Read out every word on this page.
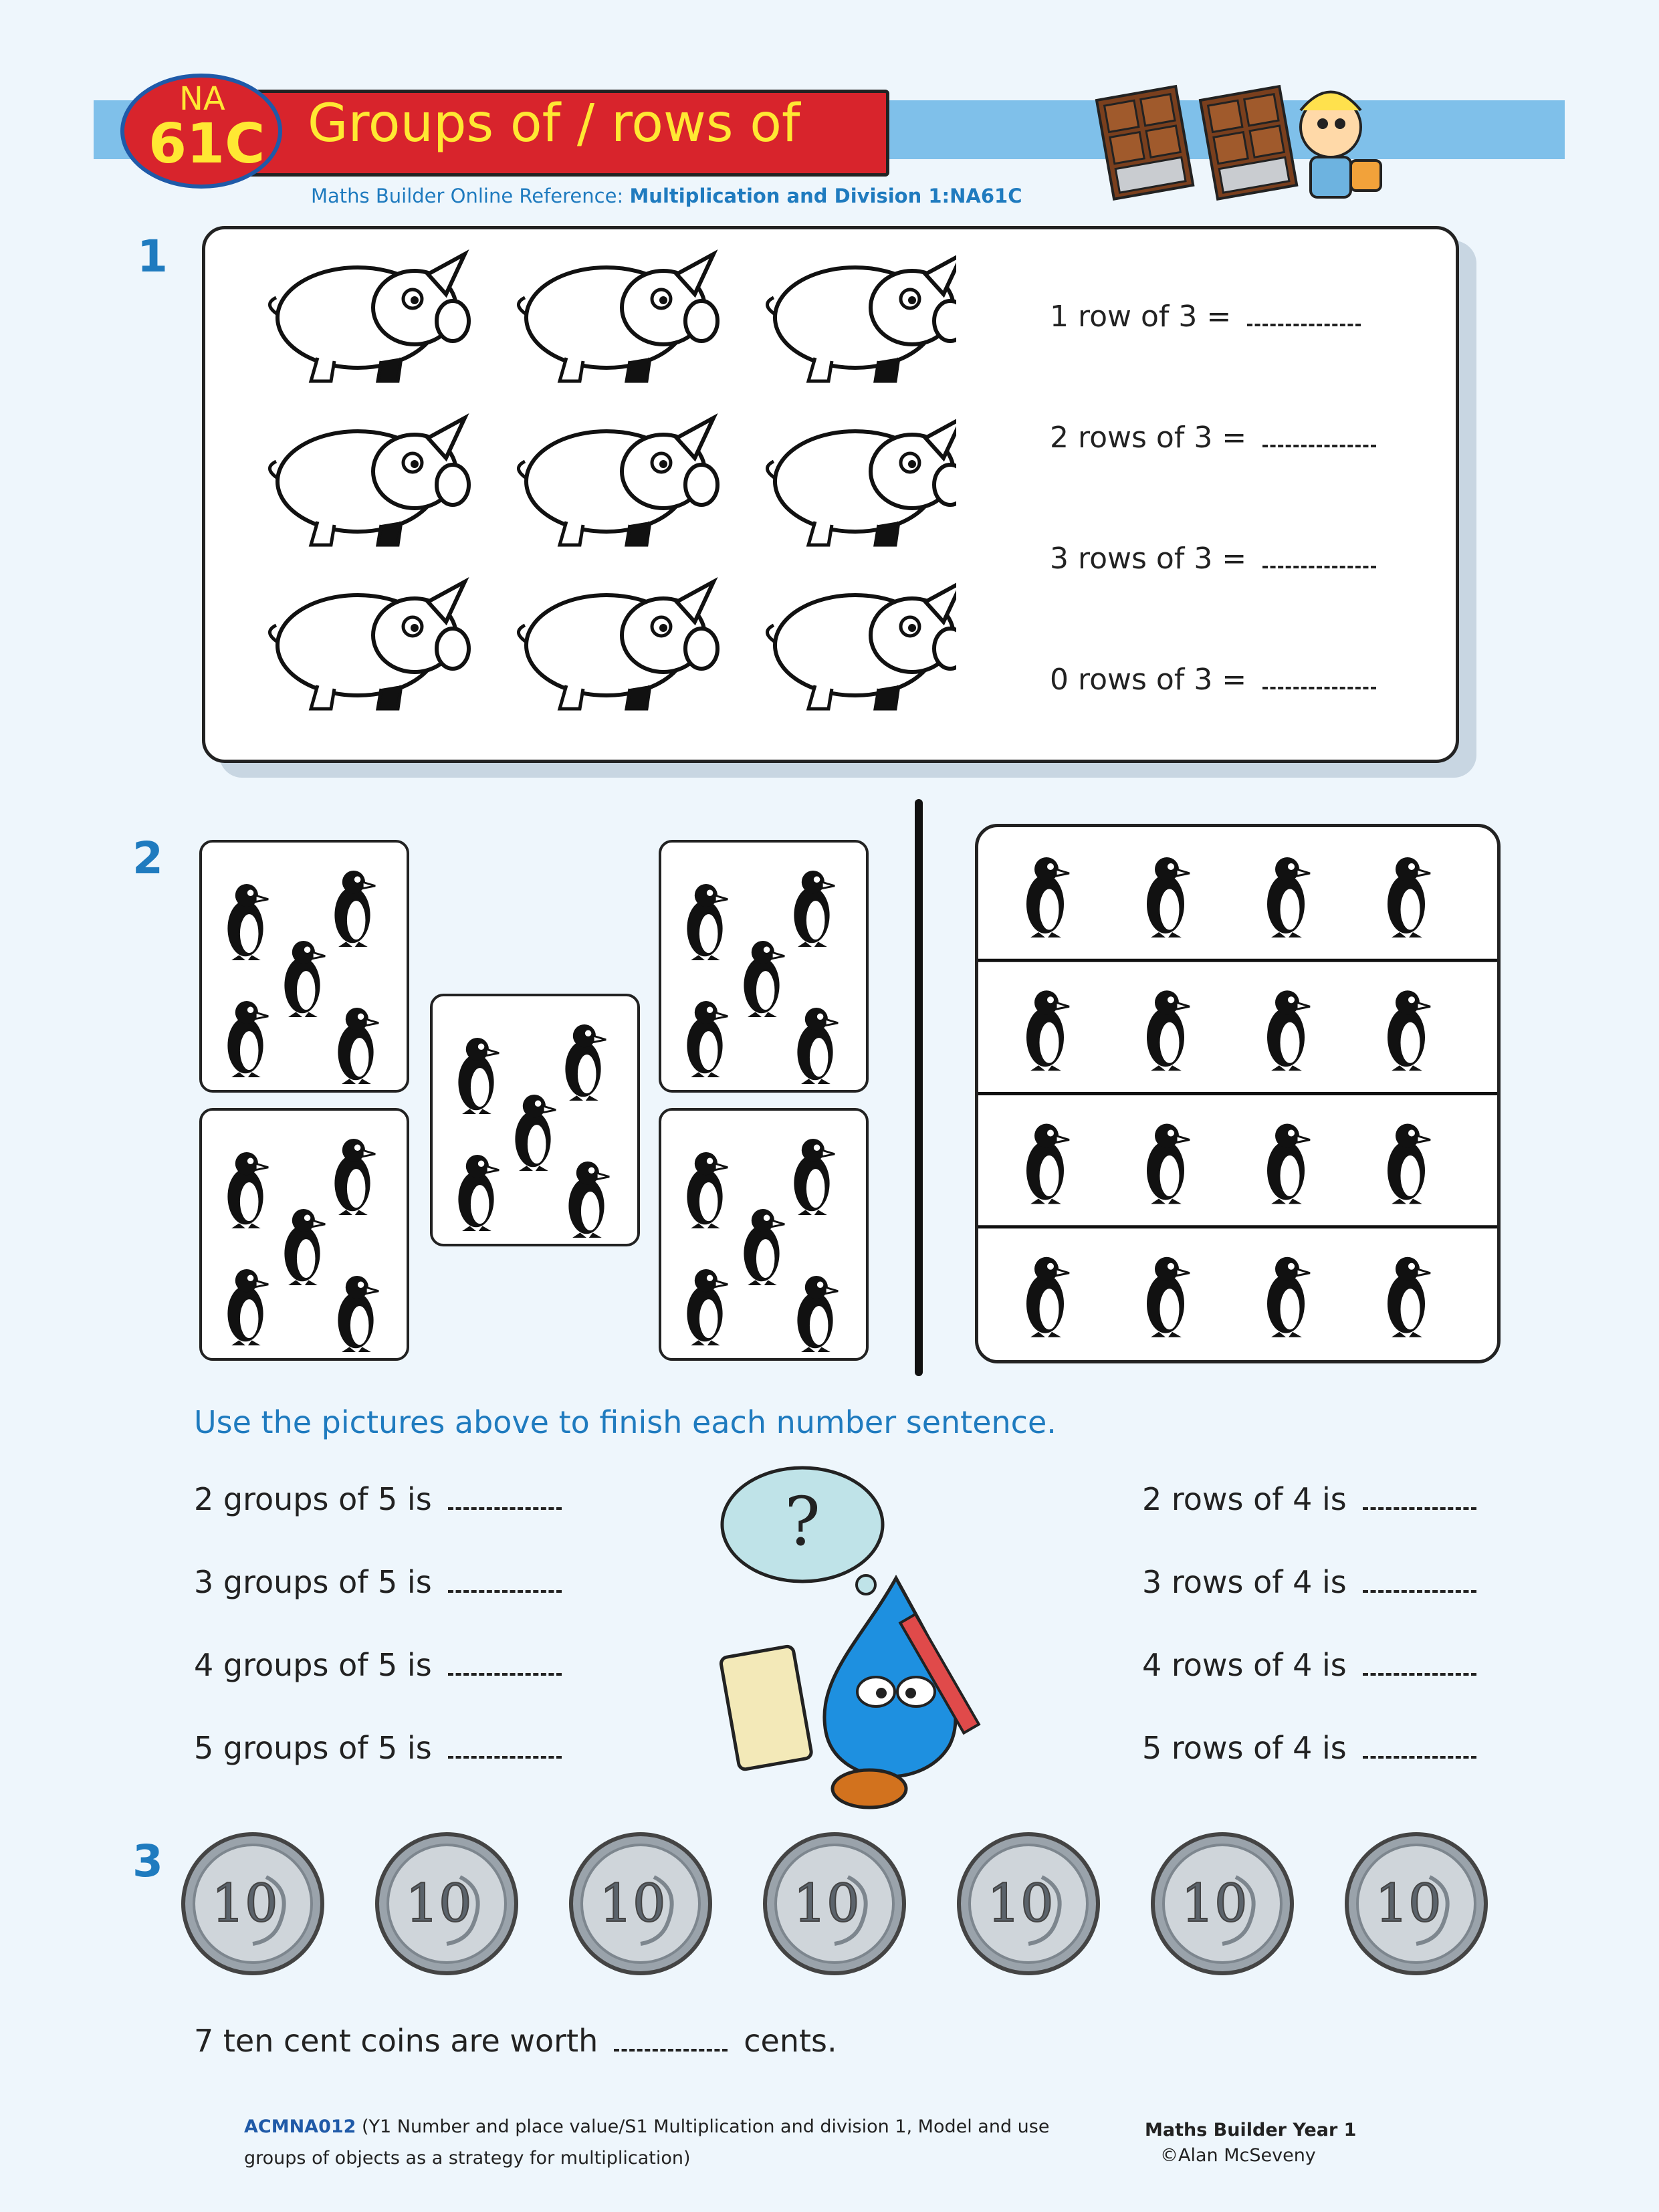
Groups of / rows of
NA
61C
Maths Builder Online Reference: Multiplication and Division 1:NA61C
1
1 row of 3 =
2 rows of 3 =
3 rows of 3 =
0 rows of 3 =
2
Use the pictures above to finish each number sentence.
2 groups of 5 is
3 groups of 5 is
4 groups of 5 is
5 groups of 5 is
2 rows of 4 is
3 rows of 4 is
4 rows of 4 is
5 rows of 4 is
?
3
10 10 10 10 10 10 10
7 ten cent coins are worth	cents.
ACMNA012 (Y1 Number and place value/S1 Multiplication and division 1, Model and use
groups of objects as a strategy for multiplication)
Maths Builder Year 1
©Alan McSeveny
